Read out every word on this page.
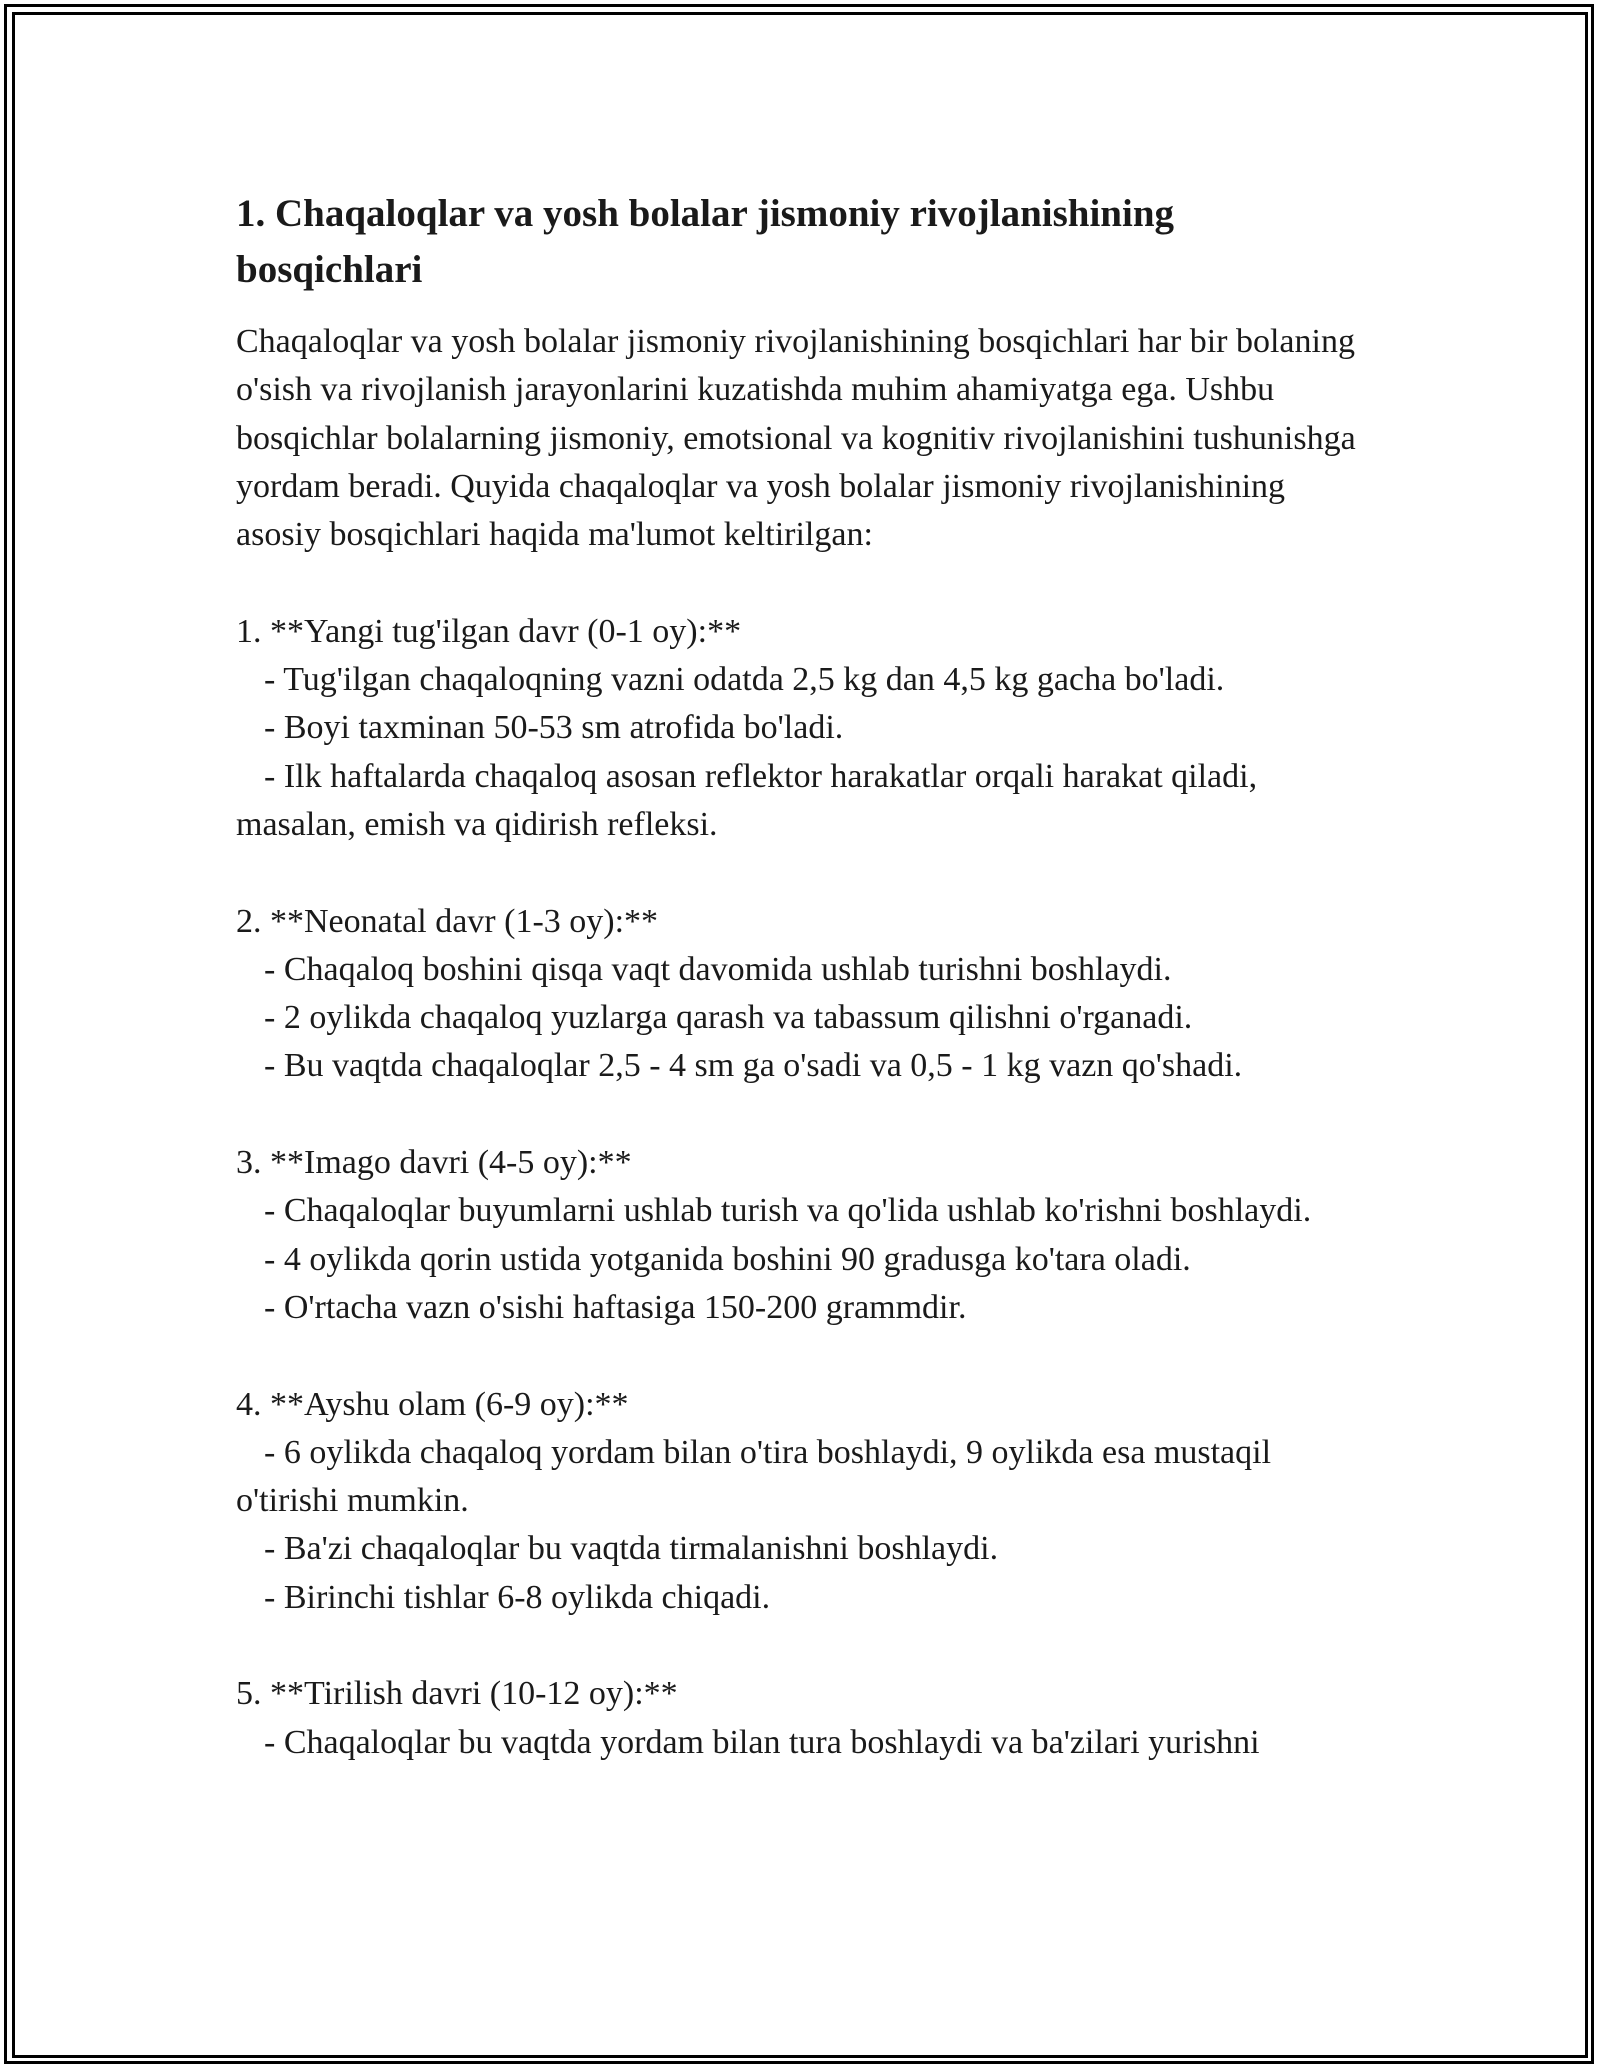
1. Chaqaloqlar va yosh bolalar jismoniy rivojlanishining bosqichlari

Chaqaloqlar va yosh bolalar jismoniy rivojlanishining bosqichlari har bir bolaning o'sish va rivojlanish jarayonlarini kuzatishda muhim ahamiyatga ega. Ushbu bosqichlar bolalarning jismoniy, emotsional va kognitiv rivojlanishini tushunishga yordam beradi. Quyida chaqaloqlar va yosh bolalar jismoniy rivojlanishining asosiy bosqichlari haqida ma'lumot keltirilgan:

1. **Yangi tug'ilgan davr (0-1 oy):**

- Tug'ilgan chaqaloqning vazni odatda 2,5 kg dan 4,5 kg gacha bo'ladi.

- Boyi taxminan 50-53 sm atrofida bo'ladi.

- Ilk haftalarda chaqaloq asosan reflektor harakatlar orqali harakat qiladi, masalan, emish va qidirish refleksi.

2. **Neonatal davr (1-3 oy):**

- Chaqaloq boshini qisqa vaqt davomida ushlab turishni boshlaydi.

- 2 oylikda chaqaloq yuzlarga qarash va tabassum qilishni o'rganadi.

- Bu vaqtda chaqaloqlar 2,5 - 4 sm ga o'sadi va 0,5 - 1 kg vazn qo'shadi.

3. **Imago davri (4-5 oy):**

- Chaqaloqlar buyumlarni ushlab turish va qo'lida ushlab ko'rishni boshlaydi.

- 4 oylikda qorin ustida yotganida boshini 90 gradusga ko'tara oladi.

- O'rtacha vazn o'sishi haftasiga 150-200 grammdir.

4. **Ayshu olam (6-9 oy):**

- 6 oylikda chaqaloq yordam bilan o'tira boshlaydi, 9 oylikda esa mustaqil o'tirishi mumkin.

- Ba'zi chaqaloqlar bu vaqtda tirmalanishni boshlaydi.

- Birinchi tishlar 6-8 oylikda chiqadi.

5. **Tirilish davri (10-12 oy):**

- Chaqaloqlar bu vaqtda yordam bilan tura boshlaydi va ba'zilari yurishni
